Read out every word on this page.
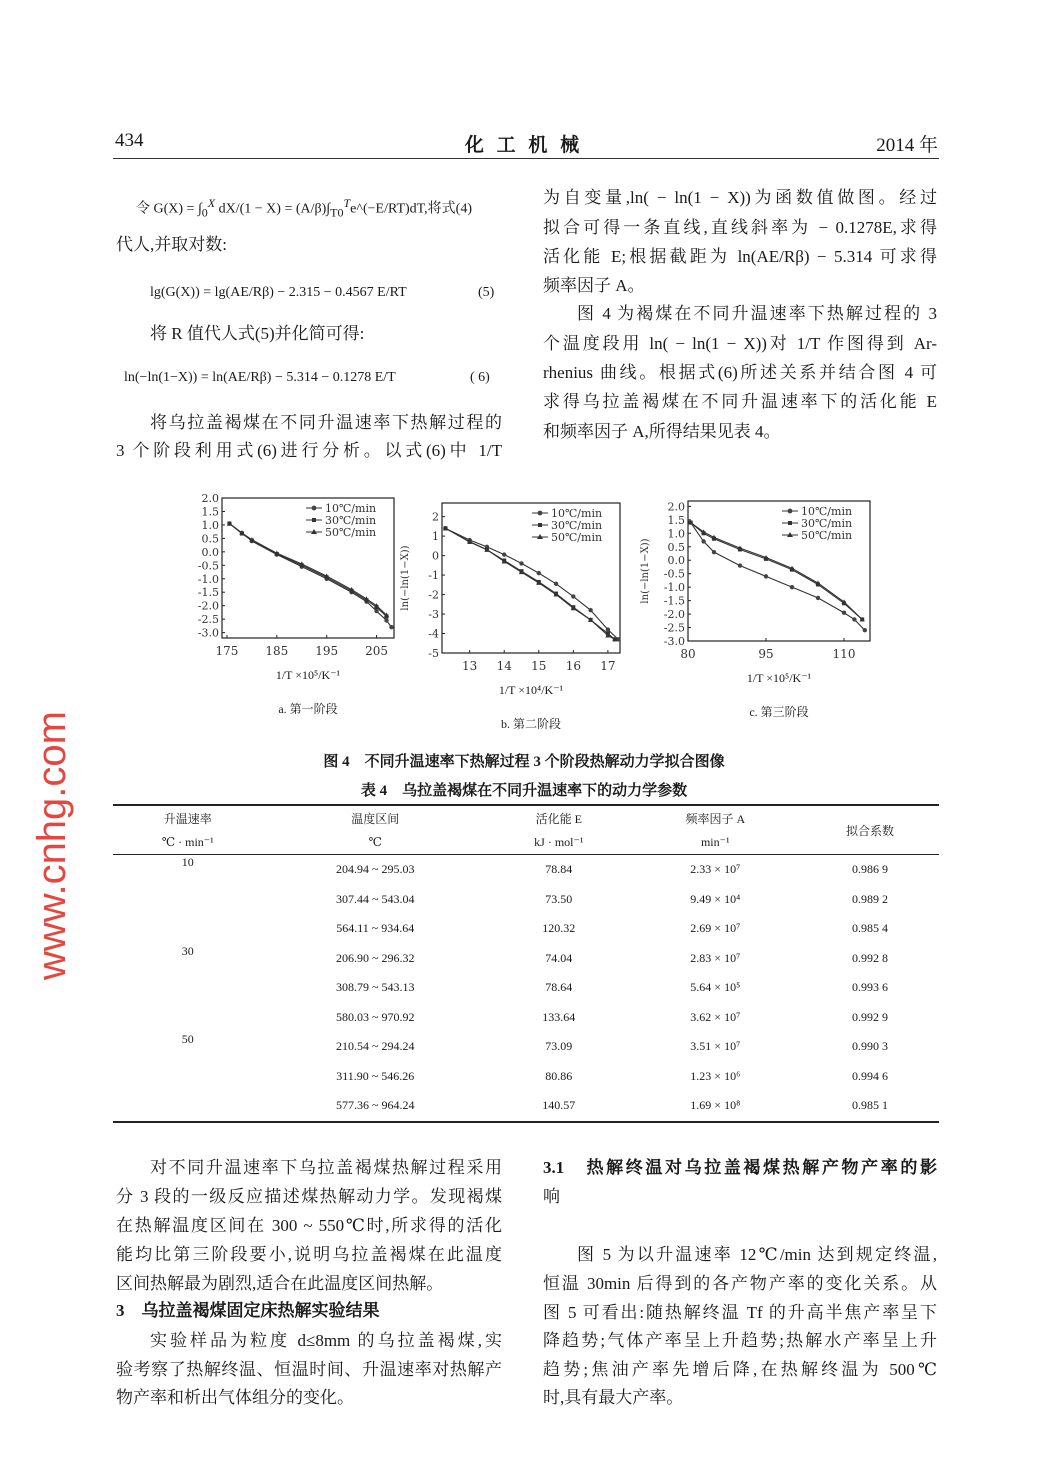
434	化 工 机 械	2014 年
令 $G(X) = \int_0^X$ $dX/(1 - X) = (A/\beta)\int_{T0}^Te\^{}(-E/RT)dT$,将式(4)
代人,并取对数:
lg(G(X)) = lg(AE/Rβ) − 2.315 − 0.4567 E/RT	(5)
将 R 值代人式(5)并化简可得:
ln(−ln(1−X)) = ln(AE/Rβ) − 5.314 − 0.1278 E/T	( 6)
将乌拉盖褐煤在不同升温速率下热解过程的
3 个阶段利用式(6)进行分析。以式(6)中 1/T
图 4　不同升温速率下热解过程 3 个阶段热解动力学拟合图像
表 4　乌拉盖褐煤在不同升温速率下的动力学参数
升温速率	温度区间	活化能 E	频率因子 A	拟合系数
℃ · min⁻¹	℃	kJ · mol⁻¹	min⁻¹	
10	204.94 ~ 295.03	78.84	2.33 × 10⁷	0.986 9
	307.44 ~ 543.04	73.50	9.49 × 10⁴	0.989 2
	564.11 ~ 934.64	120.32	2.69 × 10⁷	0.985 4
30	206.90 ~ 296.32	74.04	2.83 × 10⁷	0.992 8
	308.79 ~ 543.13	78.64	5.64 × 10⁵	0.993 6
	580.03 ~ 970.92	133.64	3.62 × 10⁷	0.992 9
50	210.54 ~ 294.24	73.09	3.51 × 10⁷	0.990 3
	311.90 ~ 546.26	80.86	1.23 × 10⁶	0.994 6
	577.36 ~ 964.24	140.57	1.69 × 10⁸	0.985 1
www.cnhg.com
为自变量,ln( − ln(1 − X))为函数值做图。经过
拟合可得一条直线,直线斜率为 − 0.1278E,求得
活化能 E;根据截距为 ln(AE/Rβ) − 5.314 可求得
频率因子 A。
图 4 为褐煤在不同升温速率下热解过程的 3
个温度段用 ln( − ln(1 − X))对 1/T 作图得到 Ar-
rhenius 曲线。根据式(6)所述关系并结合图 4 可
求得乌拉盖褐煤在不同升温速率下的活化能 E
和频率因子 A,所得结果见表 4。
对不同升温速率下乌拉盖褐煤热解过程采用
分 3 段的一级反应描述煤热解动力学。发现褐煤
在热解温度区间在 300 ~ 550℃时,所求得的活化
能均比第三阶段要小,说明乌拉盖褐煤在此温度
区间热解最为剧烈,适合在此温度区间热解。
3　乌拉盖褐煤固定床热解实验结果
实验样品为粒度 d≤8mm 的乌拉盖褐煤,实
验考察了热解终温、恒温时间、升温速率对热解产
物产率和析出气体组分的变化。
3.1　热解终温对乌拉盖褐煤热解产物产率的影
响
图 5 为以升温速率 12℃/min 达到规定终温,
恒温 30min 后得到的各产物产率的变化关系。从
图 5 可看出:随热解终温 Tf 的升高半焦产率呈下
降趋势;气体产率呈上升趋势;热解水产率呈上升
趋势;焦油产率先增后降,在热解终温为 500℃
时,具有最大产率。
2.0
1.5
1.0
0.5
0.0
-0.5
-1.0
-1.5
-2.0
-2.5
-3.0
175 185 195 205
10℃/min
30℃/min
50℃/min
1/T ×10⁵/K⁻¹
a. 第一阶段
2
1
0
-1
-2
-3
-4
-5
13 14 15 16 17
ln(−ln(1−X))
10℃/min
30℃/min
50℃/min
1/T ×10⁴/K⁻¹
b. 第二阶段
2.0
1.5
1.0
0.5
0.0
-0.5
-1.0
-1.5
-2.0
-2.5
-3.0
80	95	110
ln(−ln(1−X))
10℃/min
30℃/min
50℃/min
1/T ×10⁵/K⁻¹
c. 第三阶段
